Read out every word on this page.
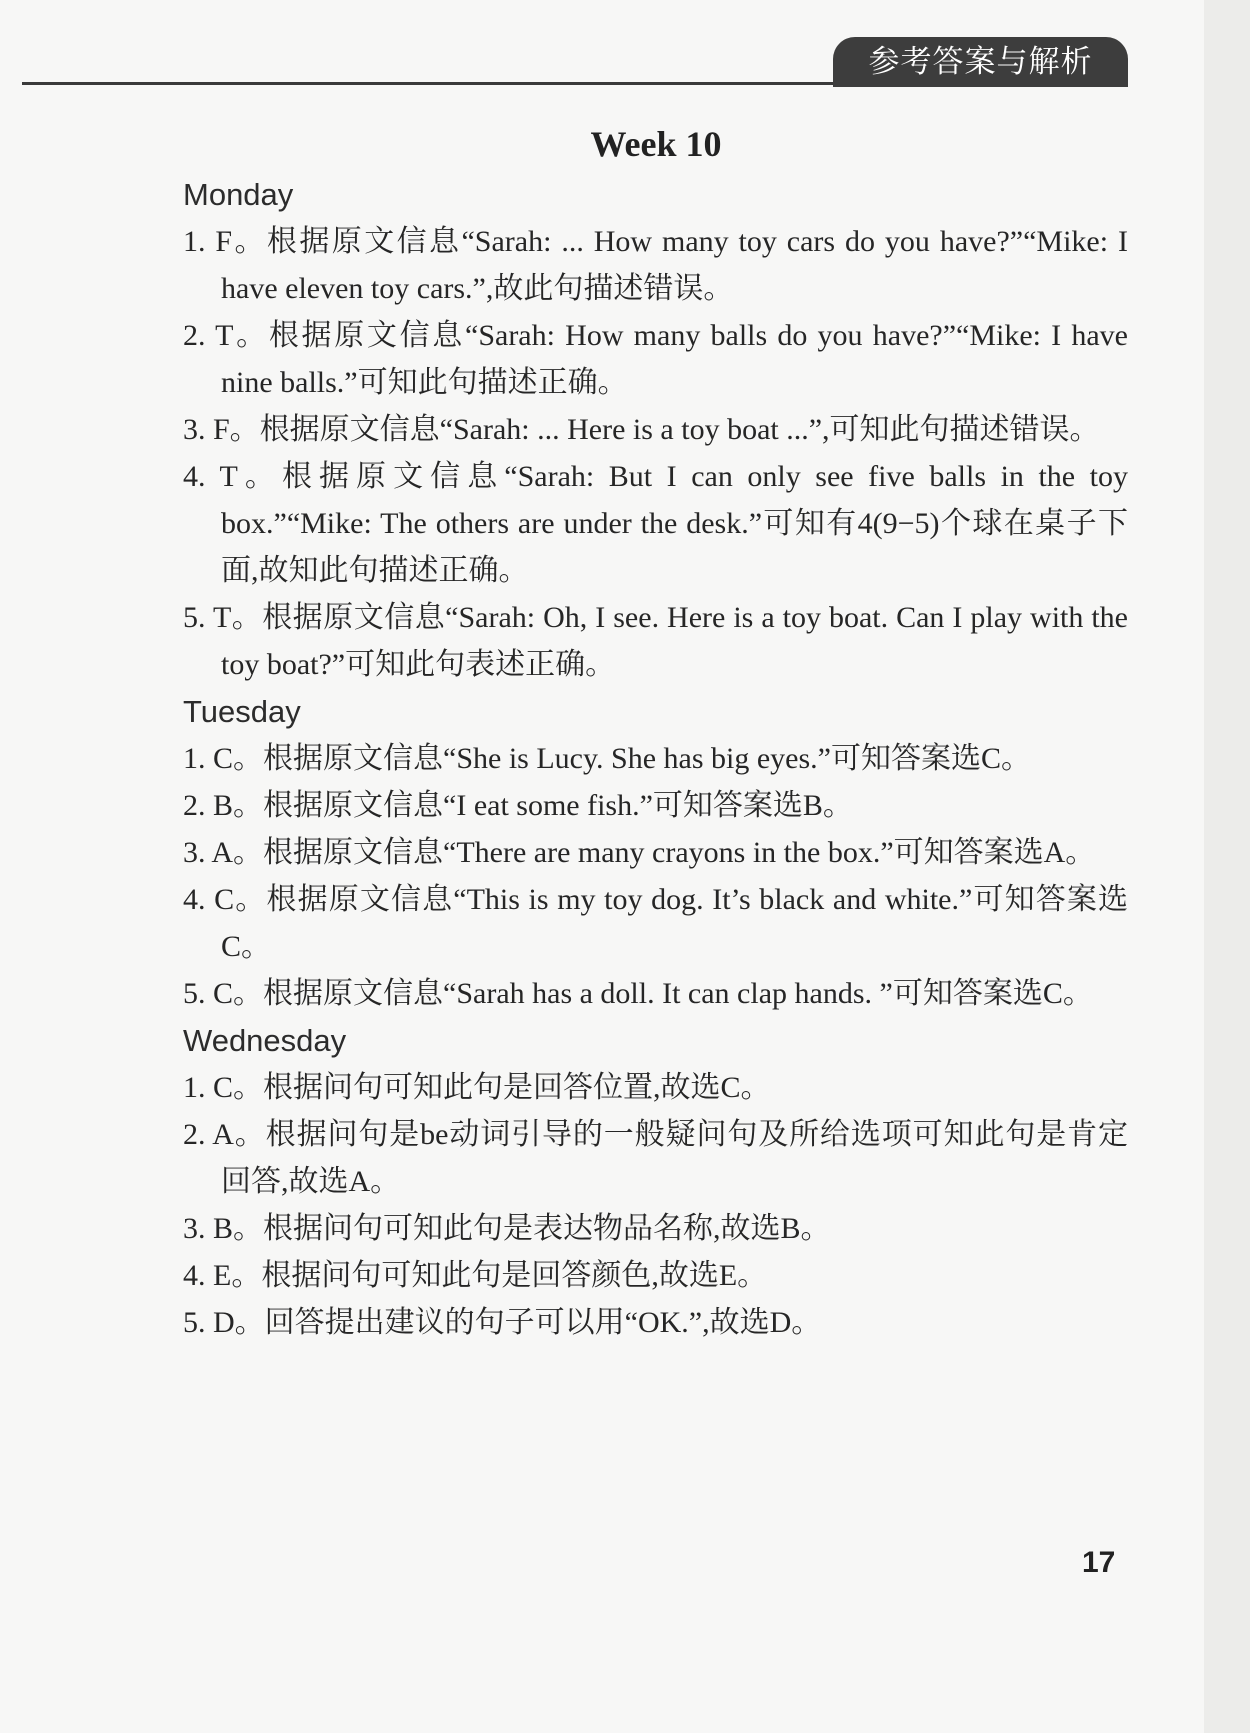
参考答案与解析
Week 10
Monday
1. F。根据原文信息“Sarah: ... How many toy cars do you have?”“Mike: I have eleven toy cars.”,故此句描述错误。
2. T。根据原文信息“Sarah: How many balls do you have?”“Mike: I have nine balls.”可知此句描述正确。
3. F。根据原文信息“Sarah: ... Here is a toy boat ...”,可知此句描述错误。
4. T。根据原文信息“Sarah: But I can only see five balls in the toy box.”“Mike: The others are under the desk.”可知有4(9−5)个球在桌子下面,故知此句描述正确。
5. T。根据原文信息“Sarah: Oh, I see. Here is a toy boat. Can I play with the toy boat?”可知此句表述正确。
Tuesday
1. C。根据原文信息“She is Lucy. She has big eyes.”可知答案选C。
2. B。根据原文信息“I eat some fish.”可知答案选B。
3. A。根据原文信息“There are many crayons in the box.”可知答案选A。
4. C。根据原文信息“This is my toy dog. It’s black and white.”可知答案选C。
5. C。根据原文信息“Sarah has a doll. It can clap hands. ”可知答案选C。
Wednesday
1. C。根据问句可知此句是回答位置,故选C。
2. A。根据问句是be动词引导的一般疑问句及所给选项可知此句是肯定回答,故选A。
3. B。根据问句可知此句是表达物品名称,故选B。
4. E。根据问句可知此句是回答颜色,故选E。
5. D。回答提出建议的句子可以用“OK.”,故选D。
17
